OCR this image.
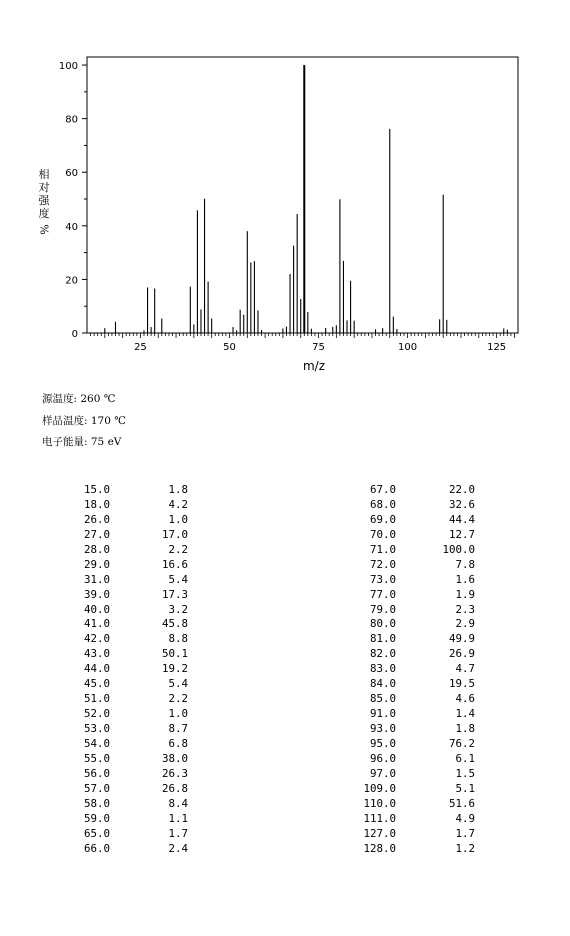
0
20
40
60
80
100
25	50	75	100	125
m/z
相
对
强
度
%
源温度: 260 ℃
样品温度: 170 ℃
电子能量: 75 eV
15.0	1.8
18.0	4.2
26.0	1.0
27.0	17.0
28.0	2.2
29.0	16.6
31.0	5.4
39.0	17.3
40.0	3.2
41.0	45.8
42.0	8.8
43.0	50.1
44.0	19.2
45.0	5.4
51.0	2.2
52.0	1.0
53.0	8.7
54.0	6.8
55.0	38.0
56.0	26.3
57.0	26.8
58.0	8.4
59.0	1.1
65.0	1.7
66.0	2.4
67.0	22.0
68.0	32.6
69.0	44.4
70.0	12.7
71.0	100.0
72.0	7.8
73.0	1.6
77.0	1.9
79.0	2.3
80.0	2.9
81.0	49.9
82.0	26.9
83.0	4.7
84.0	19.5
85.0	4.6
91.0	1.4
93.0	1.8
95.0	76.2
96.0	6.1
97.0	1.5
109.0	5.1
110.0	51.6
111.0	4.9
127.0	1.7
128.0	1.2
